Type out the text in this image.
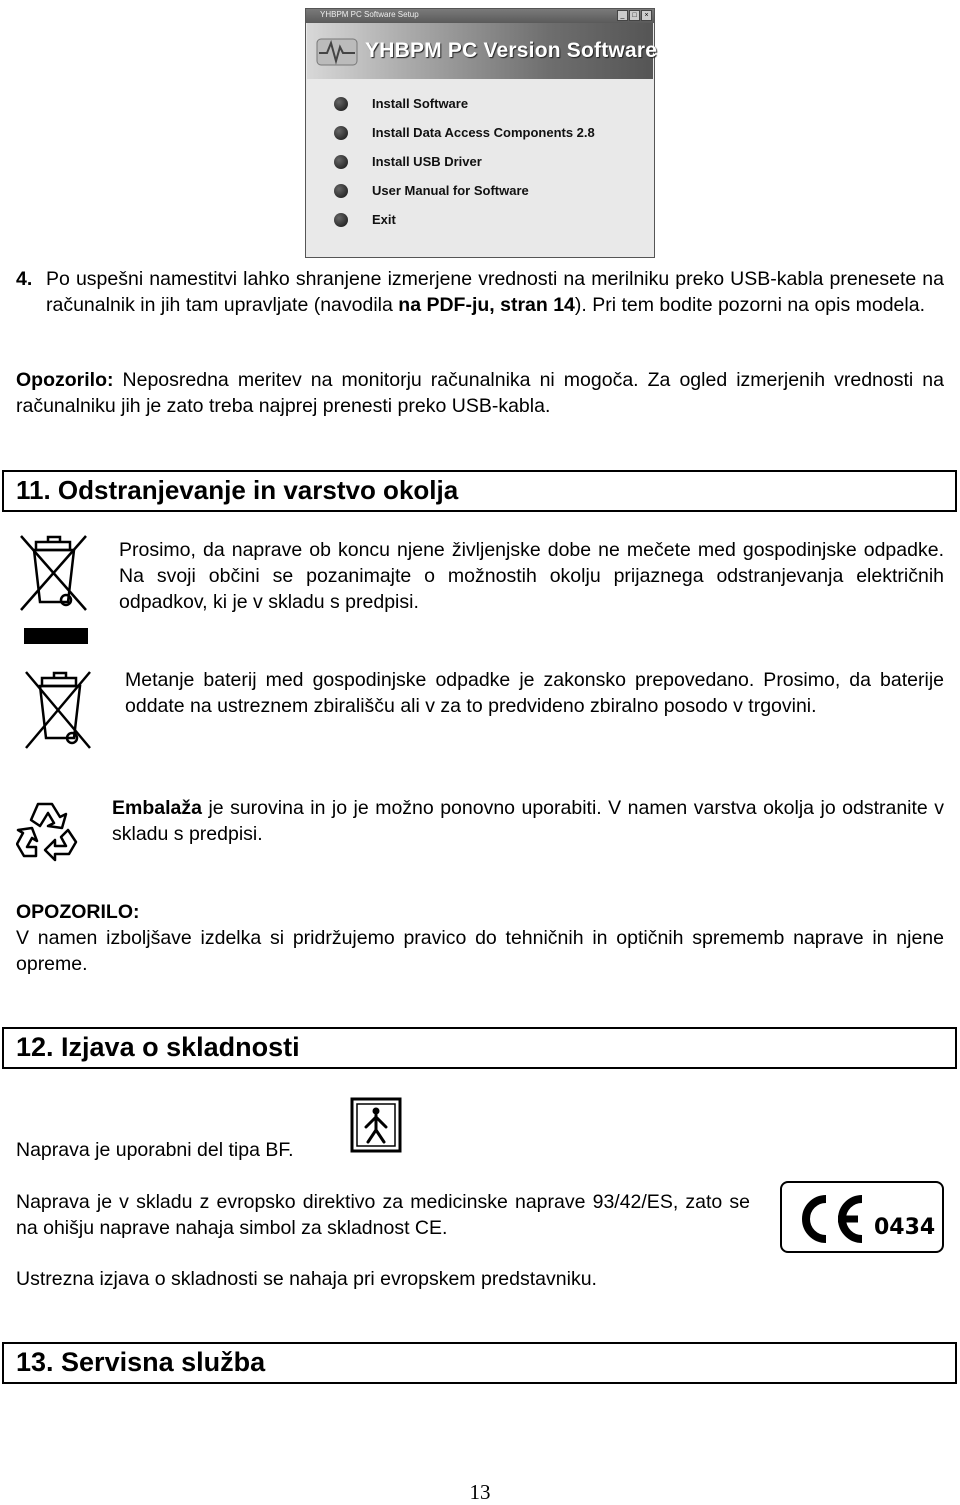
YHBPM PC Software Setup	_	□	×
YHBPM PC Version Software
Install Software
Install Data Access Components 2.8
Install USB Driver
User Manual for Software
Exit
4. Po uspešni namestitvi lahko shranjene izmerjene vrednosti na merilniku preko USB-kabla prenesete na računalnik in jih tam upravljate (navodila na PDF-ju, stran 14). Pri tem bodite pozorni na opis modela.
Opozorilo: Neposredna meritev na monitorju računalnika ni mogoča. Za ogled izmerjenih vrednosti na računalniku jih je zato treba najprej prenesti preko USB-kabla.
11. Odstranjevanje in varstvo okolja
Prosimo, da naprave ob koncu njene življenjske dobe ne mečete med gospodinjske odpadke. Na svoji občini se pozanimajte o možnostih okolju prijaznega odstranjevanja električnih odpadkov, ki je v skladu s predpisi.
Metanje baterij med gospodinjske odpadke je zakonsko prepovedano. Prosimo, da baterije oddate na ustreznem zbirališču ali v za to predvideno zbiralno posodo v trgovini.
Embalaža je surovina in jo je možno ponovno uporabiti. V namen varstva okolja jo odstranite v skladu s predpisi.
OPOZORILO:
V namen izboljšave izdelka si pridržujemo pravico do tehničnih in optičnih sprememb naprave in njene opreme.
12. Izjava o skladnosti
Naprava je uporabni del tipa BF.
Naprava je v skladu z evropsko direktivo za medicinske naprave 93/42/ES, zato se na ohišju naprave nahaja simbol za skladnost CE.	0434
Ustrezna izjava o skladnosti se nahaja pri evropskem predstavniku.
13. Servisna služba
13
